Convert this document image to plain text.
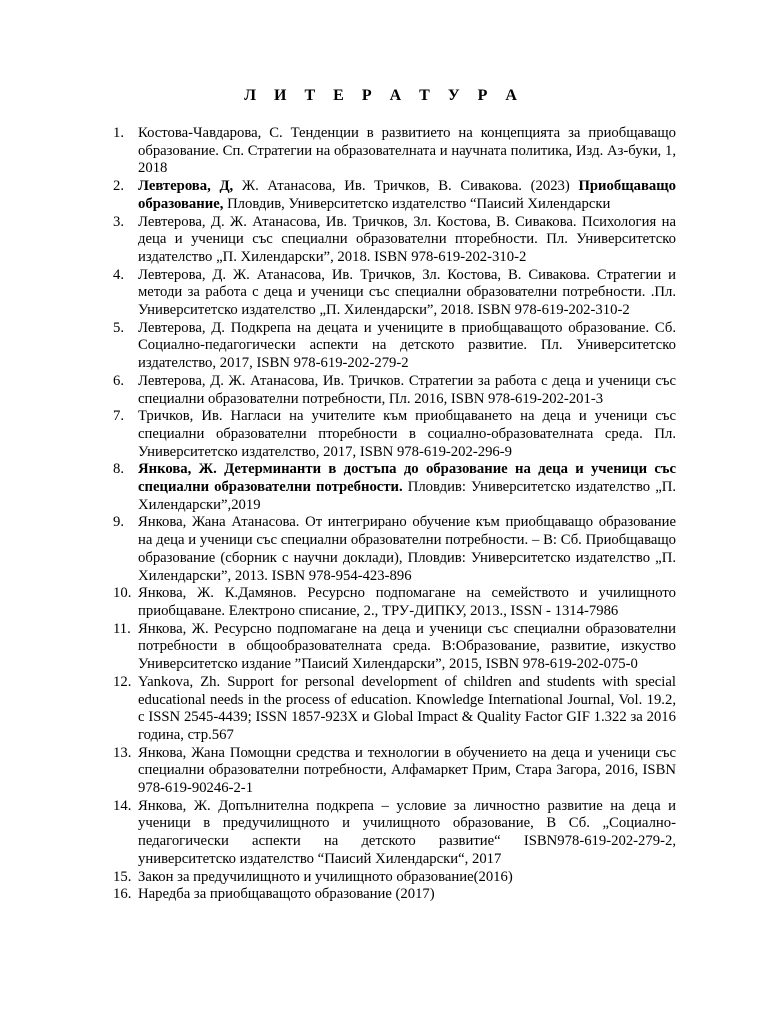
Л И Т Е Р А Т У Р А
1. Костова-Чавдарова, С. Тенденции в развитието на концепцията за приобщаващо образование. Сп. Стратегии на образователната и научната политика, Изд. Аз-буки, 1, 2018
2. Левтерова, Д, Ж. Атанасова, Ив. Тричков, В. Сивакова. (2023) Приобщаващо образование, Пловдив, Университетско издателство “Паисий Хилендарски
3. Левтерова, Д. Ж. Атанасова, Ив. Тричков, Зл. Костова, В. Сивакова. Психология на деца и ученици със специални образователни пторебности. Пл. Университетско издателство „П. Хилендарски”, 2018. ISBN 978-619-202-310-2
4. Левтерова, Д. Ж. Атанасова, Ив. Тричков, Зл. Костова, В. Сивакова. Стратегии и методи за работа с деца и ученици със специални образователни потребности. .Пл. Университетско издателство „П. Хилендарски”, 2018. ISBN 978-619-202-310-2
5. Левтерова, Д. Подкрепа на децата и учениците в приобщаващото образование. Сб. Социално-педагогически аспекти на детското развитие. Пл. Университетско издателство, 2017, ISBN 978-619-202-279-2
6. Левтерова, Д. Ж. Атанасова, Ив. Тричков. Стратегии за работа с деца и ученици със специални образователни потребности, Пл. 2016, ISBN 978-619-202-201-3
7. Тричков, Ив. Нагласи на учителите към приобщаването на деца и ученици със специални образователни пторебности в социално-образователната среда. Пл. Университетско издателство, 2017, ISBN 978-619-202-296-9
8. Янкова, Ж. Детерминанти в достъпа до образование на деца и ученици със специални образователни потребности. Пловдив: Университетско издателство „П. Хилендарски”,2019
9. Янкова, Жана Атанасова. От интегрирано обучение към приобщаващо образование на деца и ученици със специални образователни потребности. – В: Сб. Приобщаващо образование (сборник с научни доклади), Пловдив: Университетско издателство „П. Хилендарски”, 2013. ISBN 978-954-423-896
10. Янкова, Ж. К.Дамянов. Ресурсно подпомагане на семейството и училищното приобщаване. Електроно списание, 2., ТРУ-ДИПКУ, 2013., ISSN - 1314-7986
11. Янкова, Ж. Ресурсно подпомагане на деца и ученици със специални образователни потребности в общообразователната среда. В:Образование, развитие, изкуство Университетско издание ”Паисий Хилендарски”, 2015, ISBN 978-619-202-075-0
12. Yankova, Zh. Support for personal development of children and students with special educational needs in the process of education. Knowledge International Journal, Vol. 19.2, с ISSN 2545-4439; ISSN 1857-923X и Global Impact & Quality Factor GIF 1.322 за 2016 година, стр.567
13. Янкова, Жана Помощни средства и технологии в обучението на деца и ученици със специални образователни потребности, Алфамаркет Прим, Стара Загора, 2016, ISBN 978-619-90246-2-1
14. Янкова, Ж. Допълнителна подкрепа – условие за личностно развитие на деца и ученици в предучилищното и училищното образование, В Сб. „Социално-педагогически аспекти на детското развитие“ ISBN978-619-202-279-2, университетско издателство “Паисий Хилендарски“, 2017
15. Закон за предучилищното и училищното образование(2016)
16. Наредба за приобщаващото образование (2017)
